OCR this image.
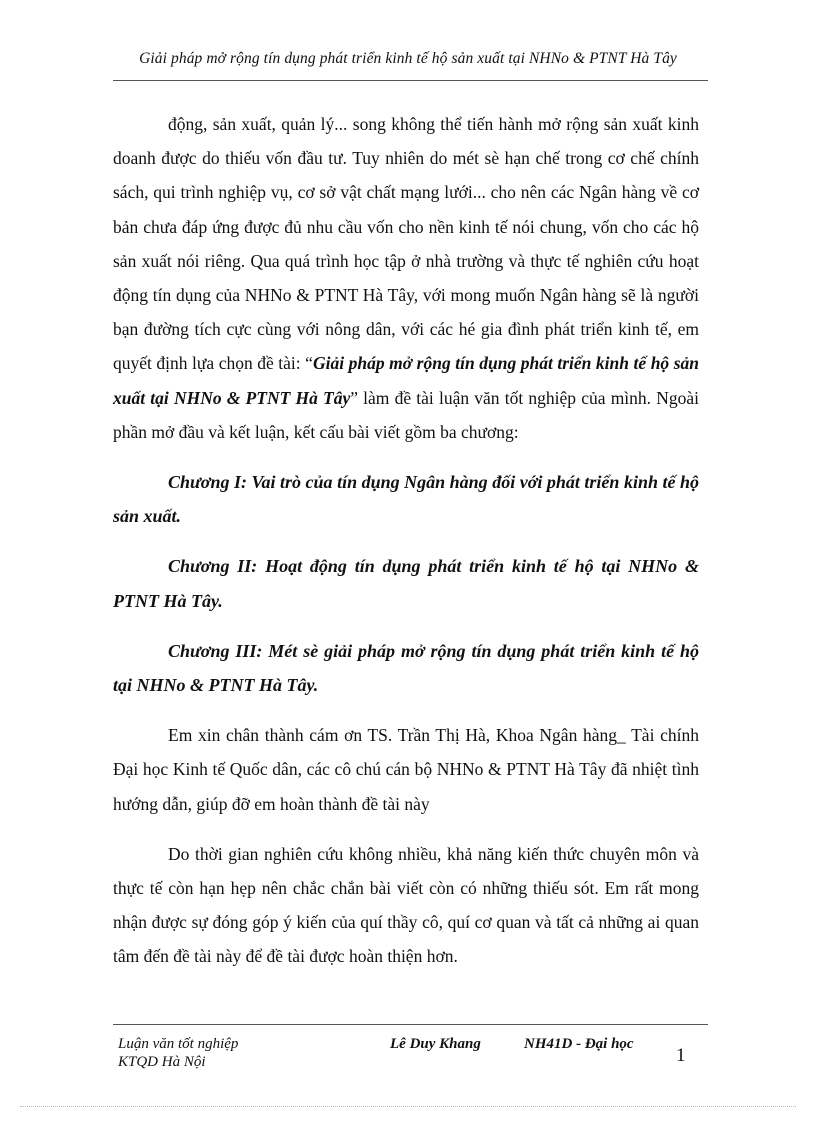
Giải pháp mở rộng tín dụng phát triển kinh tế hộ sản xuất tại NHNo & PTNT Hà Tây

động, sản xuất, quản lý... song không thể tiến hành mở rộng sản xuất kinh doanh được do thiếu vốn đầu tư. Tuy nhiên do mét sè hạn chế trong cơ chế chính sách, qui trình nghiệp vụ, cơ sở vật chất mạng lưới... cho nên các Ngân hàng về cơ bản chưa đáp ứng được đủ nhu cầu vốn cho nền kinh tế nói chung, vốn cho các hộ sản xuất nói riêng. Qua quá trình học tập ở nhà trường và thực tế nghiên cứu hoạt động tín dụng của NHNo & PTNT Hà Tây, với mong muốn Ngân hàng sẽ là người bạn đường tích cực cùng với nông dân, với các hé gia đình phát triển kinh tế, em quyết định lựa chọn đề tài: “Giải pháp mở rộng tín dụng phát triển kinh tế hộ sản xuất tại NHNo & PTNT Hà Tây” làm đề tài luận văn tốt nghiệp của mình. Ngoài phần mở đầu và kết luận, kết cấu bài viết gồm ba chương:

Chương I: Vai trò của tín dụng Ngân hàng đối với phát triển kinh tế hộ sản xuất.

Chương II: Hoạt động tín dụng phát triển kinh tế hộ tại NHNo & PTNT Hà Tây.

Chương III: Mét sè giải pháp mở rộng tín dụng phát triển kinh tế hộ tại NHNo & PTNT Hà Tây.

Em xin chân thành cám ơn TS. Trần Thị Hà, Khoa Ngân hàng_ Tài chính Đại học Kinh tế Quốc dân, các cô chú cán bộ NHNo & PTNT Hà Tây đã nhiệt tình hướng dẫn, giúp đỡ em hoàn thành đề tài này

Do thời gian nghiên cứu không nhiều, khả năng kiến thức chuyên môn và thực tế còn hạn hẹp nên chắc chắn bài viết còn có những thiếu sót. Em rất mong nhận được sự đóng góp ý kiến của quí thầy cô, quí cơ quan và tất cả những ai quan tâm đến đề tài này để đề tài được hoàn thiện hơn.

Luận văn tốt nghiệp
KTQD Hà Nội
Lê Duy Khang	NH41D - Đại học
1
